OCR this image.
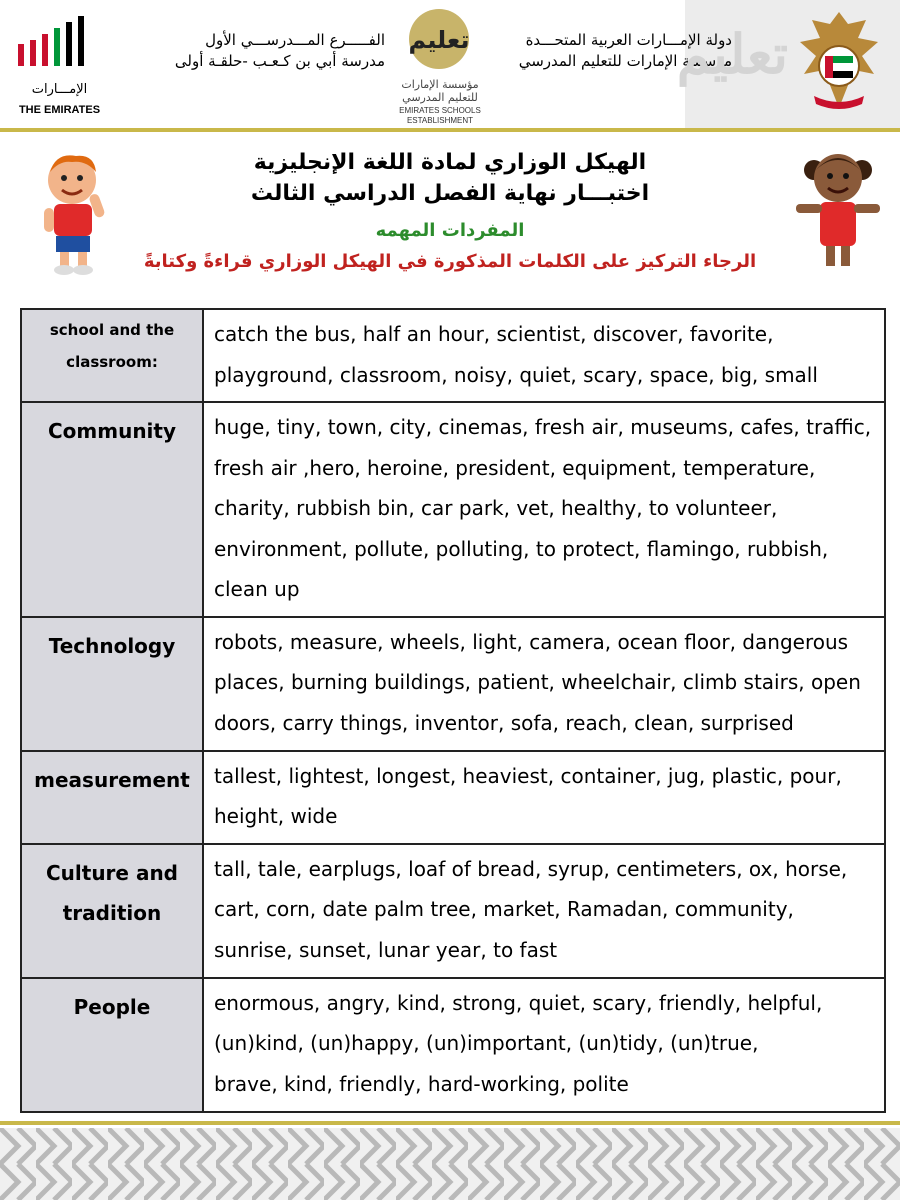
الإمـــارات
THE EMIRATES
الفـــــرع المـــدرســـي الأول
مدرسة أبي بن كـعـب -حلقـة أولى
تعليم
مؤسسة الإمارات
للتعليم المدرسي
EMIRATES SCHOOLS
ESTABLISHMENT
دولة الإمـــارات العربية المتحـــدة
مؤسسة الإمارات للتعليم المدرسي
تعليم
الهيكل الوزاري لمادة اللغة الإنجليزية
اختبـــار نهاية الفصل الدراسي الثالث
المفردات المهمه
الرجاء التركيز على الكلمات المذكورة في الهيكل الوزاري قراءةً وكتابةً
school and the classroom:	catch the bus, half an hour, scientist, discover, favorite, playground, classroom, noisy, quiet, scary, space, big, small
Community	huge, tiny, town, city, cinemas, fresh air, museums, cafes, traffic, fresh air ,hero, heroine, president, equipment, temperature, charity, rubbish bin, car park, vet, healthy, to volunteer, environment, pollute, polluting, to protect, flamingo, rubbish, clean up
Technology	robots, measure, wheels, light, camera, ocean floor, dangerous places, burning buildings, patient, wheelchair, climb stairs, open doors, carry things, inventor, sofa, reach, clean, surprised
measurement	tallest, lightest, longest, heaviest, container, jug, plastic, pour, height, wide
Culture and tradition	tall, tale, earplugs, loaf of bread, syrup, centimeters, ox, horse, cart, corn, date palm tree, market, Ramadan, community, sunrise, sunset, lunar year, to fast
People	enormous, angry, kind, strong, quiet, scary, friendly, helpful, (un)kind, (un)happy, (un)important, (un)tidy, (un)true,
brave, kind, friendly, hard-working, polite
